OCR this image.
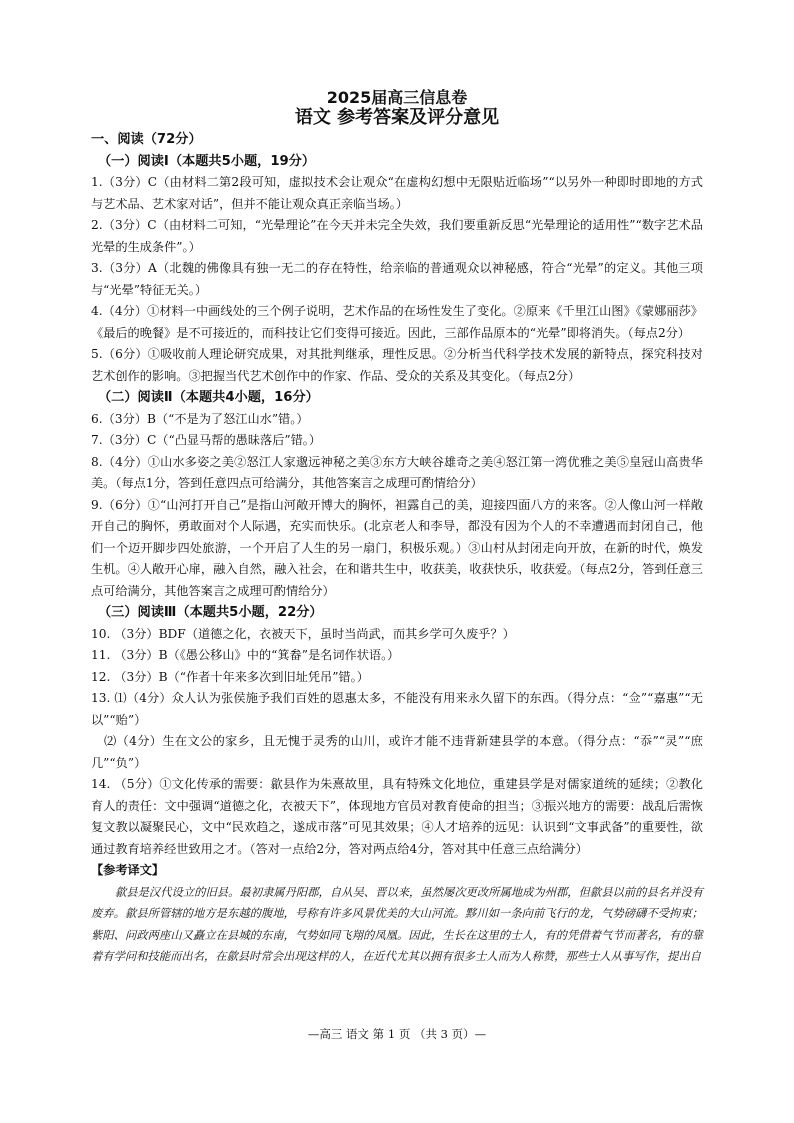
2025届高三信息卷
语文 参考答案及评分意见
一、阅读（72分）
（一）阅读Ⅰ（本题共5小题，19分）
1.（3分）C（由材料二第2段可知，虚拟技术会让观众“在虚构幻想中无限贴近临场”“以另外一种即时即地的方式与艺术品、艺术家对话”，但并不能让观众真正亲临当场。）
2.（3分）C（由材料二可知，“光晕理论”在今天并未完全失效，我们要重新反思“光晕理论的适用性”“数字艺术品光晕的生成条件”。）
3.（3分）A（北魏的佛像具有独一无二的存在特性，给亲临的普通观众以神秘感，符合“光晕”的定义。其他三项与“光晕”特征无关。）
4.（4分）①材料一中画线处的三个例子说明，艺术作品的在场性发生了变化。②原来《千里江山图》《蒙娜丽莎》《最后的晚餐》是不可接近的，而科技让它们变得可接近。因此，三部作品原本的“光晕”即将消失。（每点2分）
5.（6分）①吸收前人理论研究成果，对其批判继承，理性反思。②分析当代科学技术发展的新特点，探究科技对艺术创作的影响。③把握当代艺术创作中的作家、作品、受众的关系及其变化。（每点2分）
（二）阅读Ⅱ（本题共4小题，16分）
6.（3分）B（“不是为了怒江山水”错。）
7.（3分）C（“凸显马帮的愚昧落后”错。）
8.（4分）①山水多姿之美②怒江人家邈远神秘之美③东方大峡谷雄奇之美④怒江第一湾优雅之美⑤皇冠山高贵华美。（每点1分，答到任意四点可给满分，其他答案言之成理可酌情给分）
9.（6分）①“山河打开自己”是指山河敞开博大的胸怀，袒露自己的美，迎接四面八方的来客。②人像山河一样敞开自己的胸怀，勇敢面对个人际遇，充实而快乐。(北京老人和李导，都没有因为个人的不幸遭遇而封闭自己，他们一个迈开脚步四处旅游，一个开启了人生的另一扇门，积极乐观。）③山村从封闭走向开放，在新的时代，焕发生机。④人敞开心扉，融入自然，融入社会，在和谐共生中，收获美，收获快乐，收获爱。（每点2分，答到任意三点可给满分，其他答案言之成理可酌情给分）
（三）阅读Ⅲ（本题共5小题，22分）
10. （3分）BDF（道德之化，衣被天下，虽时当尚武，而其乡学可久废乎？）
11. （3分）B（《愚公移山》中的“箕畚”是名词作状语。）
12. （3分）B（“作者十年来多次到旧址凭吊”错。）
13. ⑴（4分）众人认为张侯施予我们百姓的恩惠太多，不能没有用来永久留下的东西。（得分点：“佥”“嘉惠”“无以”“贻”）
⑵（4分）生在文公的家乡，且无愧于灵秀的山川，或许才能不违背新建县学的本意。（得分点：“忝”“灵”“庶几”“负”）
14. （5分）①文化传承的需要：歙县作为朱熹故里，具有特殊文化地位，重建县学是对儒家道统的延续；②教化育人的责任：文中强调“道德之化，衣被天下”，体现地方官员对教育使命的担当；③振兴地方的需要：战乱后需恢复文教以凝聚民心，文中“民欢趋之，遂成市落”可见其效果；④人才培养的远见：认识到“文事武备”的重要性，欲通过教育培养经世致用之才。（答对一点给2分，答对两点给4分，答对其中任意三点给满分）
【参考译文】
歙县是汉代设立的旧县。最初隶属丹阳郡，自从吴、晋以来，虽然屡次更改所属地成为州郡，但歙县以前的县名并没有废弃。歙县所管辖的地方是东越的腹地，号称有许多风景优美的大山河流。黟川如一条向前飞行的龙，气势磅礴不受拘束；紫阳、问政两座山又矗立在县城的东南，气势如同飞翔的凤凰。因此，生长在这里的士人，有的凭借着气节而著名，有的靠着有学问和技能而出名，在歙县时常会出现这样的人，在近代尤其以拥有很多士人而为人称赞，那些士人从事写作，提出自
—高三 语文 第 1 页 （共 3 页）—
